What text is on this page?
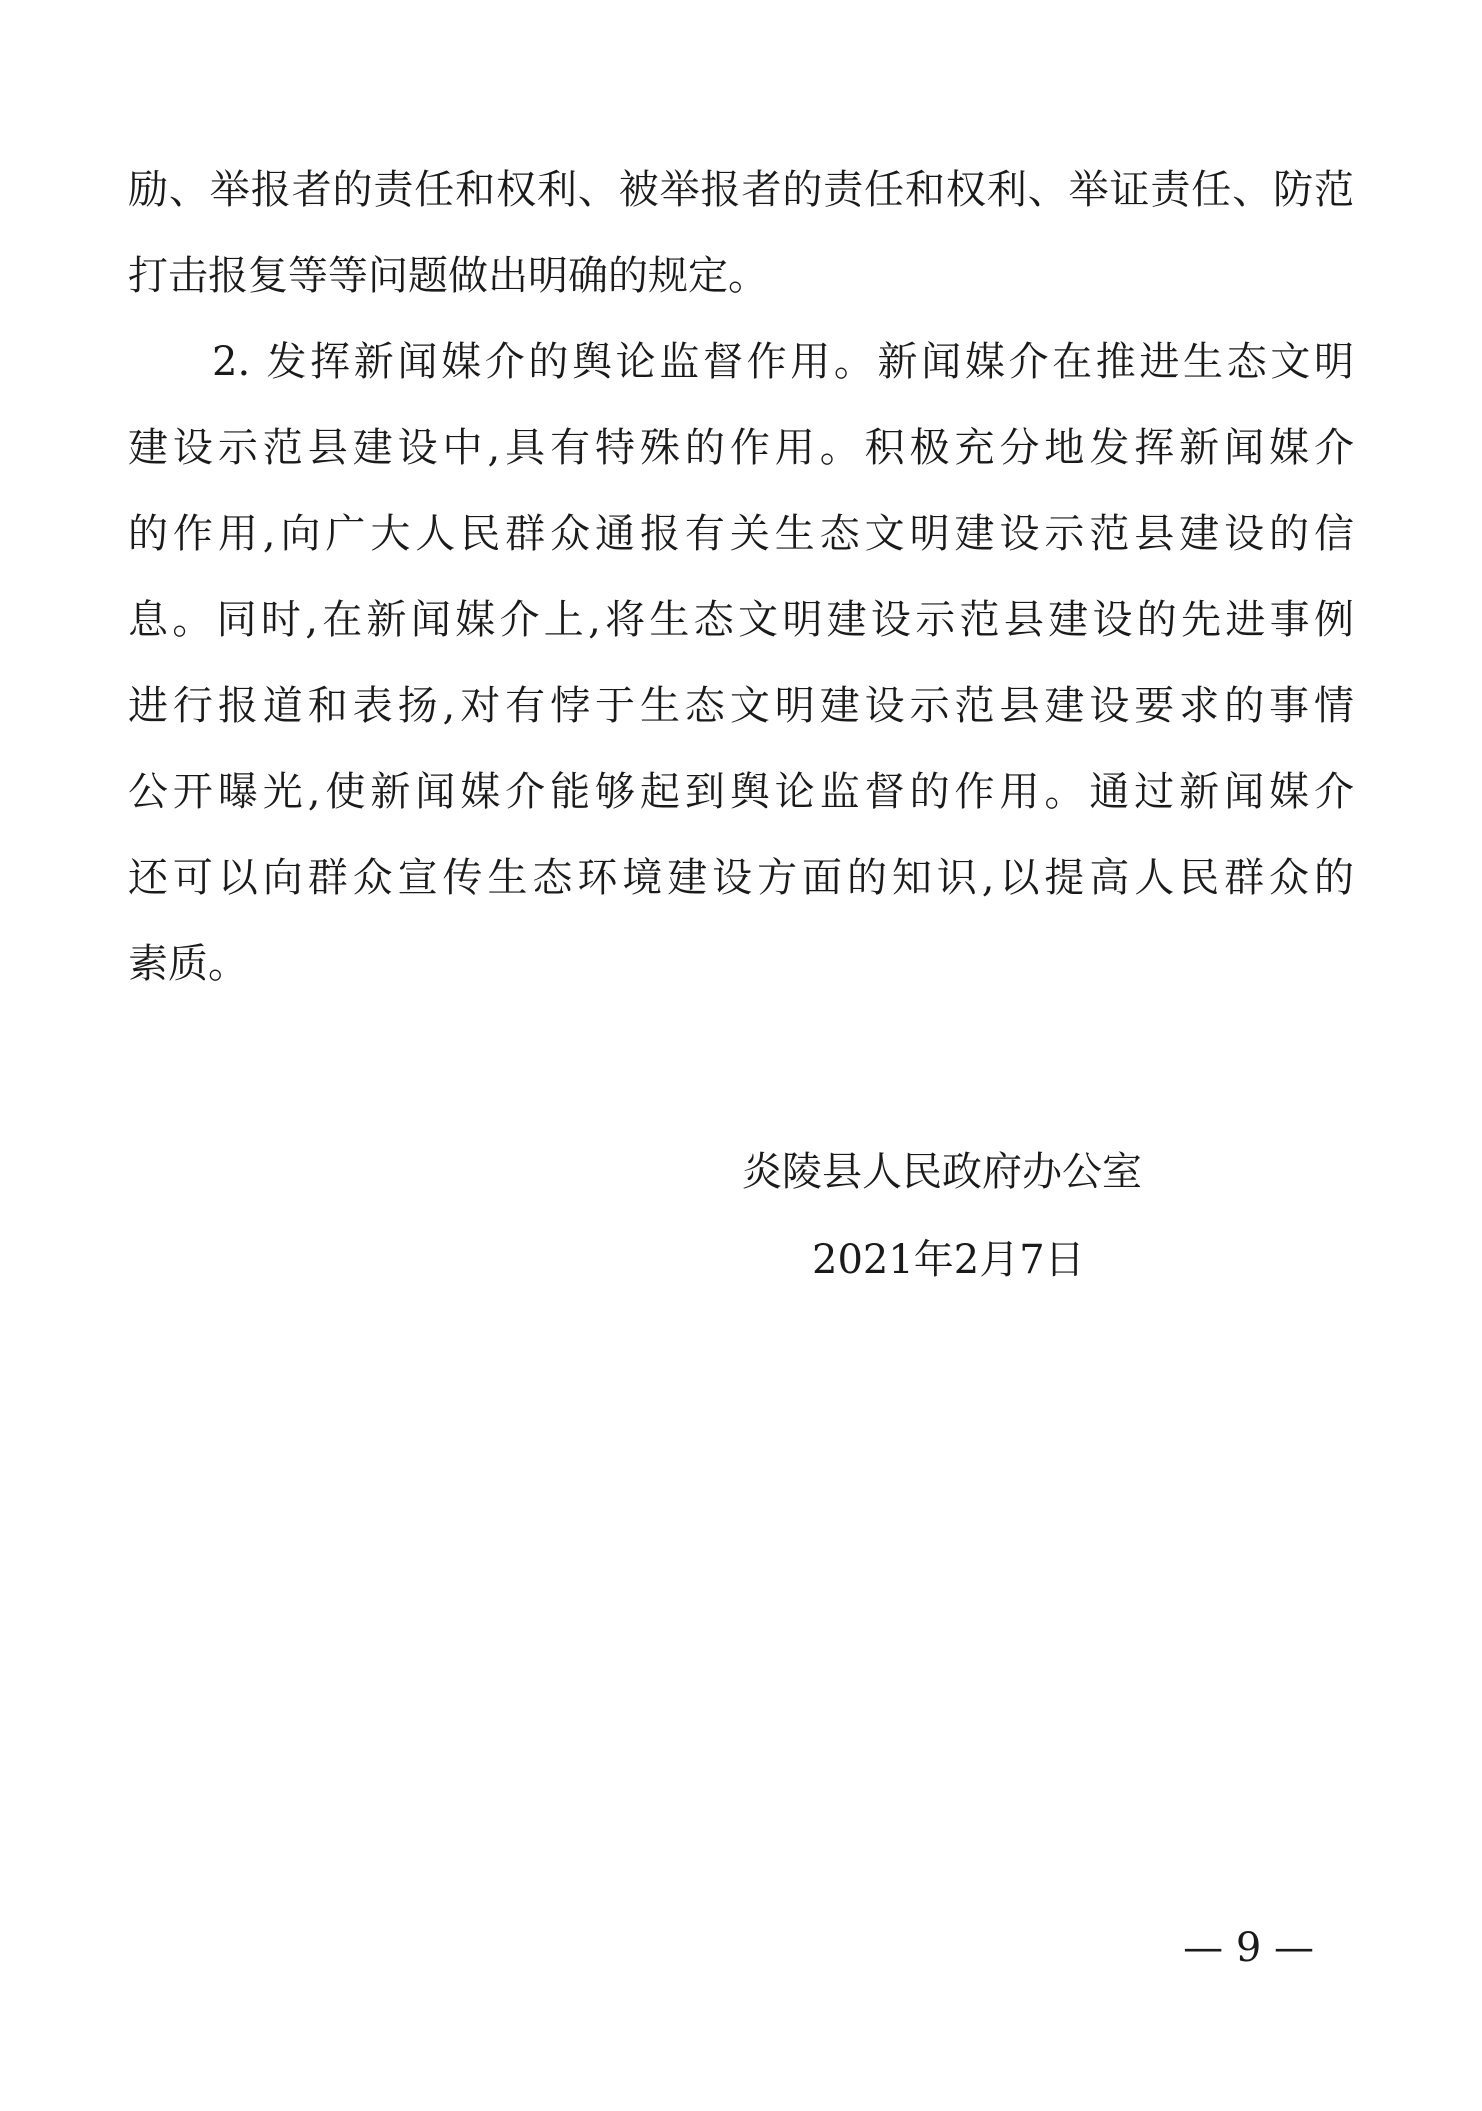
励、举报者的责任和权利、被举报者的责任和权利、举证责任、防范
打击报复等等问题做出明确的规定。
2. 发挥新闻媒介的舆论监督作用。新闻媒介在推进生态文明
建设示范县建设中,具有特殊的作用。积极充分地发挥新闻媒介
的作用,向广大人民群众通报有关生态文明建设示范县建设的信
息。同时,在新闻媒介上,将生态文明建设示范县建设的先进事例
进行报道和表扬,对有悖于生态文明建设示范县建设要求的事情
公开曝光,使新闻媒介能够起到舆论监督的作用。通过新闻媒介
还可以向群众宣传生态环境建设方面的知识,以提高人民群众的
素质。
炎陵县人民政府办公室
2021年2月7日
— 9 —
